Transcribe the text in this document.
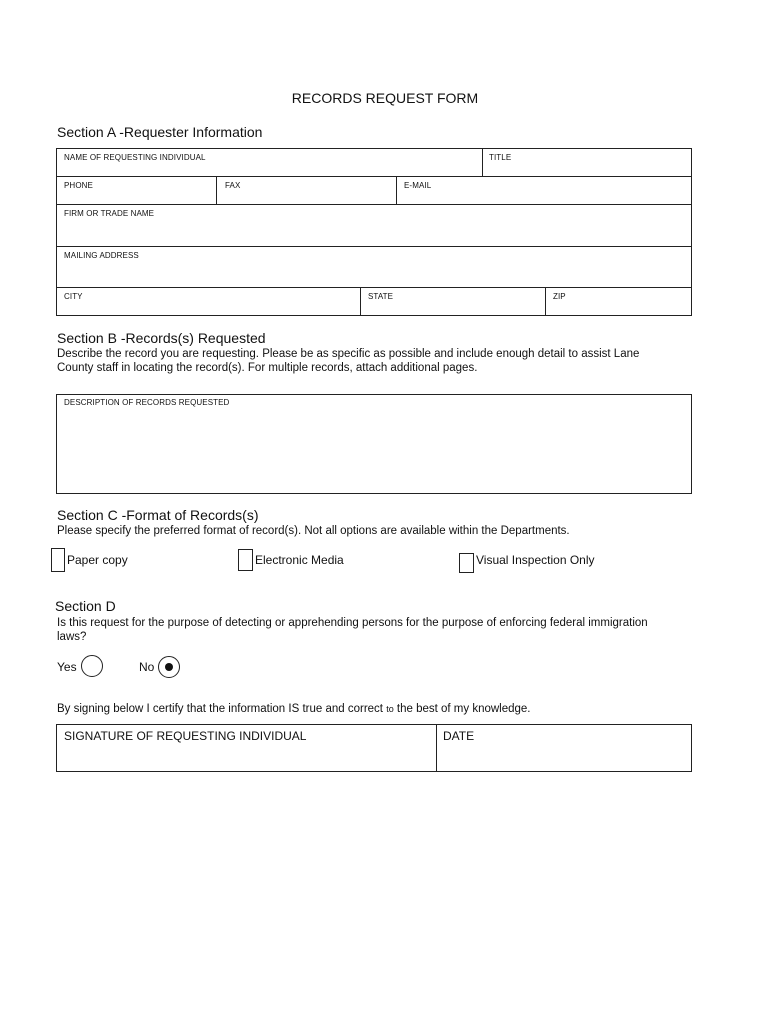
RECORDS REQUEST FORM
Section A -Requester Information
NAME OF REQUESTING INDIVIDUAL	TITLE
PHONE	FAX	E-MAIL
FIRM OR TRADE NAME
MAILING ADDRESS
CITY	STATE	ZIP
Section B -Records(s) Requested
Describe the record you are requesting. Please be as specific as possible and include enough detail to assist Lane
County staff in locating the record(s). For multiple records, attach additional pages.
DESCRIPTION OF RECORDS REQUESTED
Section C -Format of Records(s)
Please specify the preferred format of record(s). Not all options are available within the Departments.
Paper copy	Electronic Media	Visual Inspection Only
Section D
Is this request for the purpose of detecting or apprehending persons for the purpose of enforcing federal immigration
laws?
Yes	No
By signing below I certify that the information IS true and correct to the best of my knowledge.
SIGNATURE OF REQUESTING INDIVIDUAL	DATE
